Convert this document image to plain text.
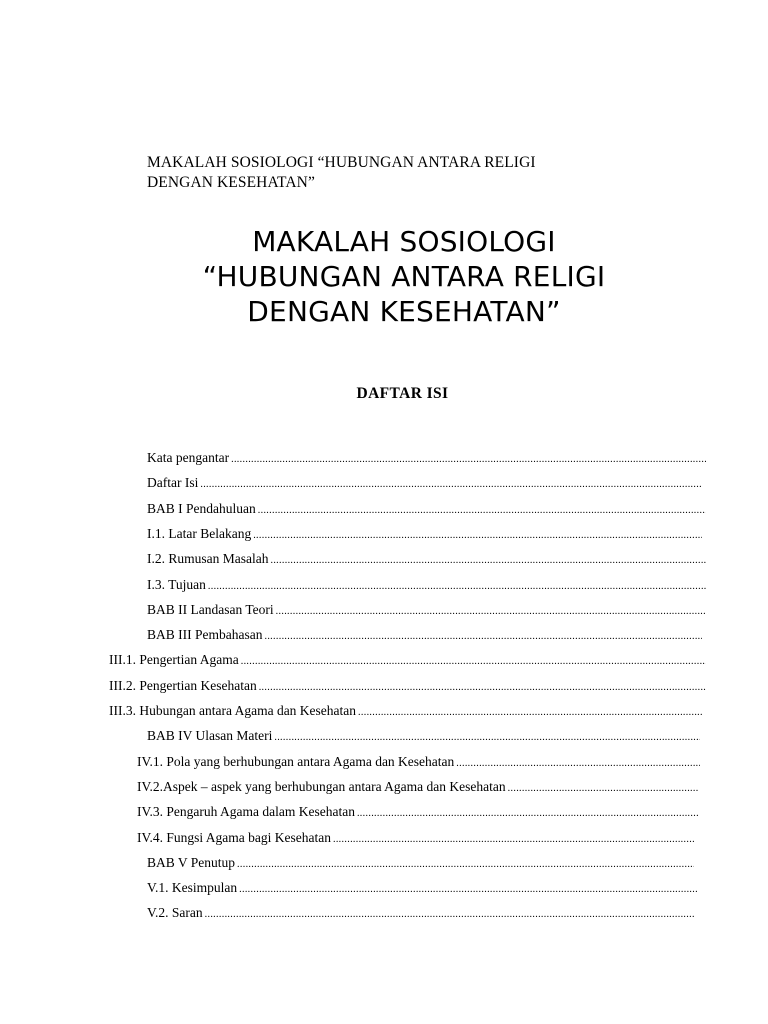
MAKALAH SOSIOLOGI “HUBUNGAN ANTARA RELIGI
DENGAN KESEHATAN”
MAKALAH SOSIOLOGI
“HUBUNGAN ANTARA RELIGI
DENGAN KESEHATAN”
DAFTAR ISI
Kata pengantar
.....
Daftar Isi
.....
BAB I Pendahuluan
.....
I.1. Latar Belakang
.....
I.2. Rumusan Masalah
.....
I.3. Tujuan
.....
BAB II Landasan Teori
.....
BAB III Pembahasan
.....
III.1. Pengertian Agama
.....
III.2. Pengertian Kesehatan
.....
III.3. Hubungan antara Agama dan Kesehatan
.....
BAB IV Ulasan Materi
.....
IV.1. Pola yang berhubungan antara Agama dan Kesehatan
.....
IV.2.Aspek – aspek yang berhubungan antara Agama dan Kesehatan
.....
IV.3. Pengaruh Agama dalam Kesehatan
.....
IV.4. Fungsi Agama bagi Kesehatan
.....
BAB V Penutup
.....
V.1. Kesimpulan
.....
V.2. Saran
.....
